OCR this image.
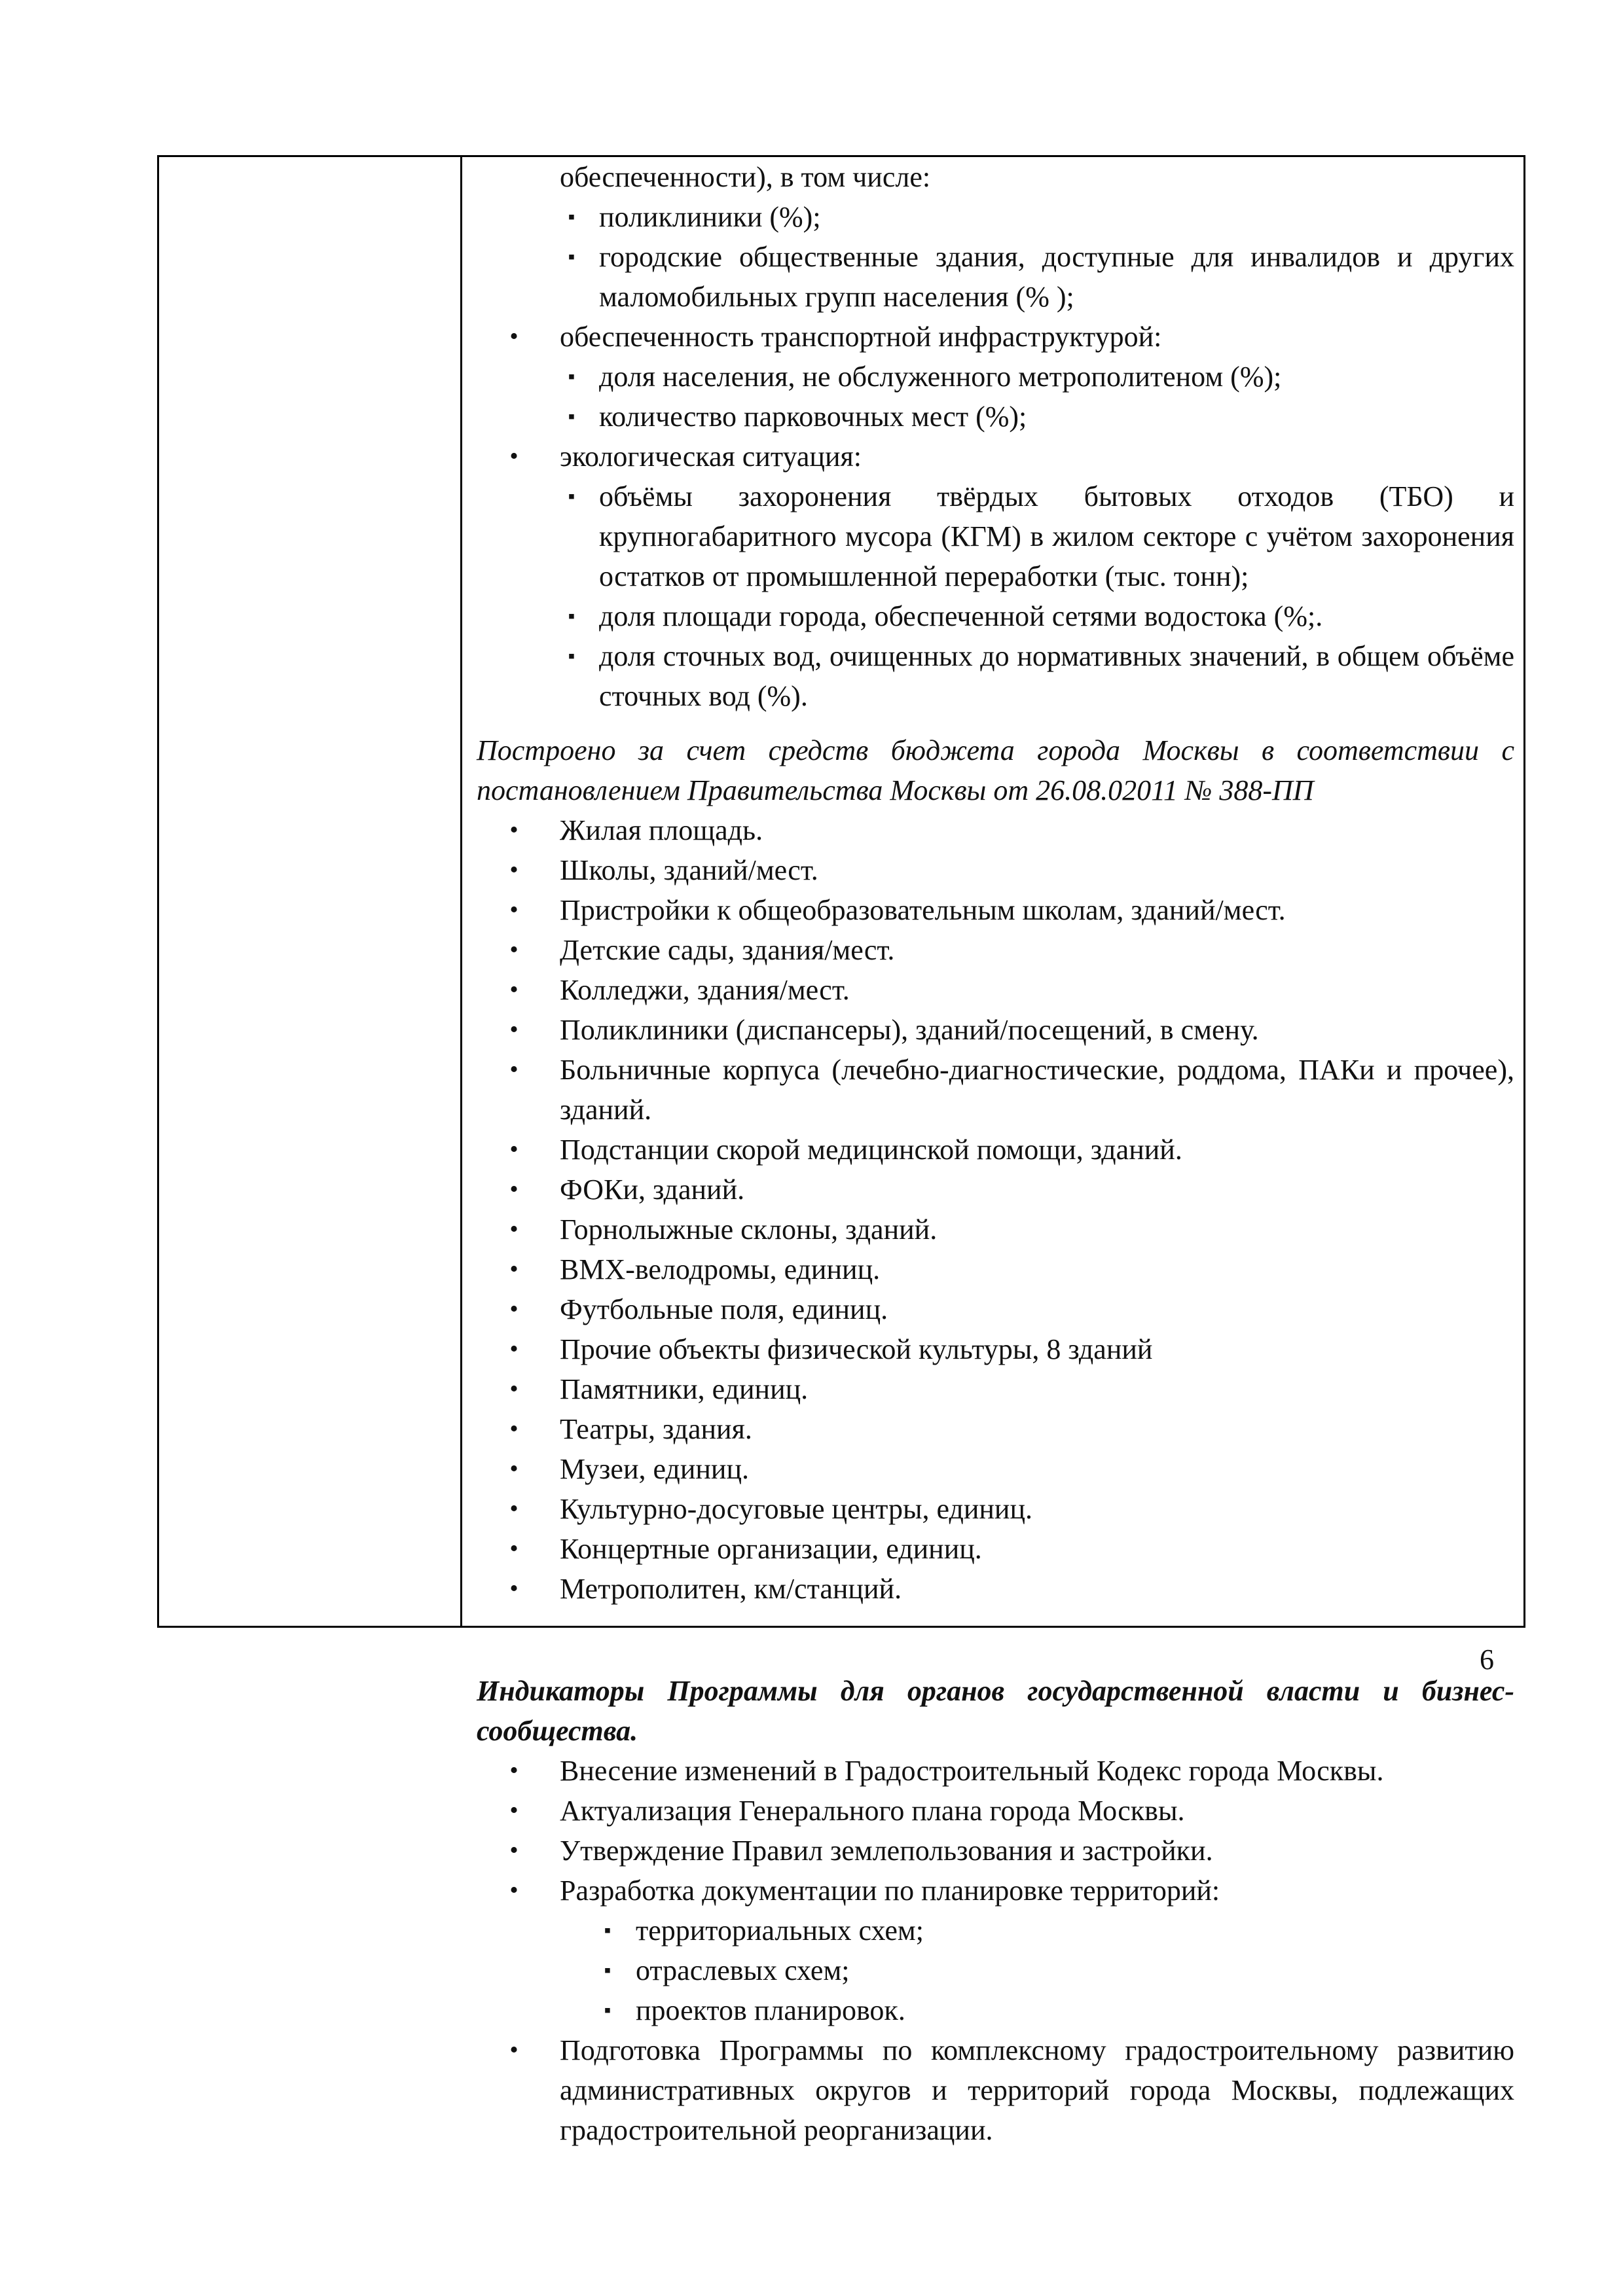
обеспеченности), в том числе:

▪ поликлиники (%);

▪ городские общественные здания, доступные для инвалидов и других маломобильных групп населения (% );

•	обеспеченность транспортной инфраструктурой:

▪ доля населения, не обслуженного метрополитеном (%);

▪ количество парковочных мест (%);

•	экологическая ситуация:

▪ объёмы захоронения твёрдых бытовых отходов (ТБО) и крупногабаритного мусора (КГМ) в жилом секторе с учётом захоронения остатков от промышленной переработки (тыс. тонн);

▪ доля площади города, обеспеченной сетями водостока (%;.

▪ доля сточных вод, очищенных до нормативных значений, в общем объёме сточных вод (%).

Построено за счет средств бюджета города Москвы в соответствии с постановлением Правительства Москвы от 26.08.02011 № 388-ПП

•	Жилая площадь.

•	Школы, зданий/мест.

•	Пристройки к общеобразовательным школам, зданий/мест.

•	Детские сады, здания/мест.

•	Колледжи, здания/мест.

•	Поликлиники (диспансеры), зданий/посещений, в смену.

•	Больничные корпуса (лечебно-диагностические, роддома, ПАКи и прочее), зданий.

•	Подстанции скорой медицинской помощи, зданий.

•	ФОКи, зданий.

•	Горнолыжные склоны, зданий.

•	BMX-велодромы, единиц.

•	Футбольные поля, единиц.

•	Прочие объекты физической культуры, 8 зданий

•	Памятники, единиц.

•	Театры, здания.

•	Музеи, единиц.

•	Культурно-досуговые центры, единиц.

•	Концертные организации, единиц.

•	Метрополитен, км/станций.

Индикаторы Программы для органов государственной власти и бизнес-сообщества.

•	Внесение изменений в Градостроительный Кодекс города Москвы.

•	Актуализация Генерального плана города Москвы.

•	Утверждение Правил землепользования и застройки.

•	Разработка документации по планировке территорий:

▪ территориальных схем;

▪ отраслевых схем;

▪ проектов планировок.

•	Подготовка Программы по комплексному градостроительному развитию административных округов и территорий города Москвы, подлежащих градостроительной реорганизации.

6
